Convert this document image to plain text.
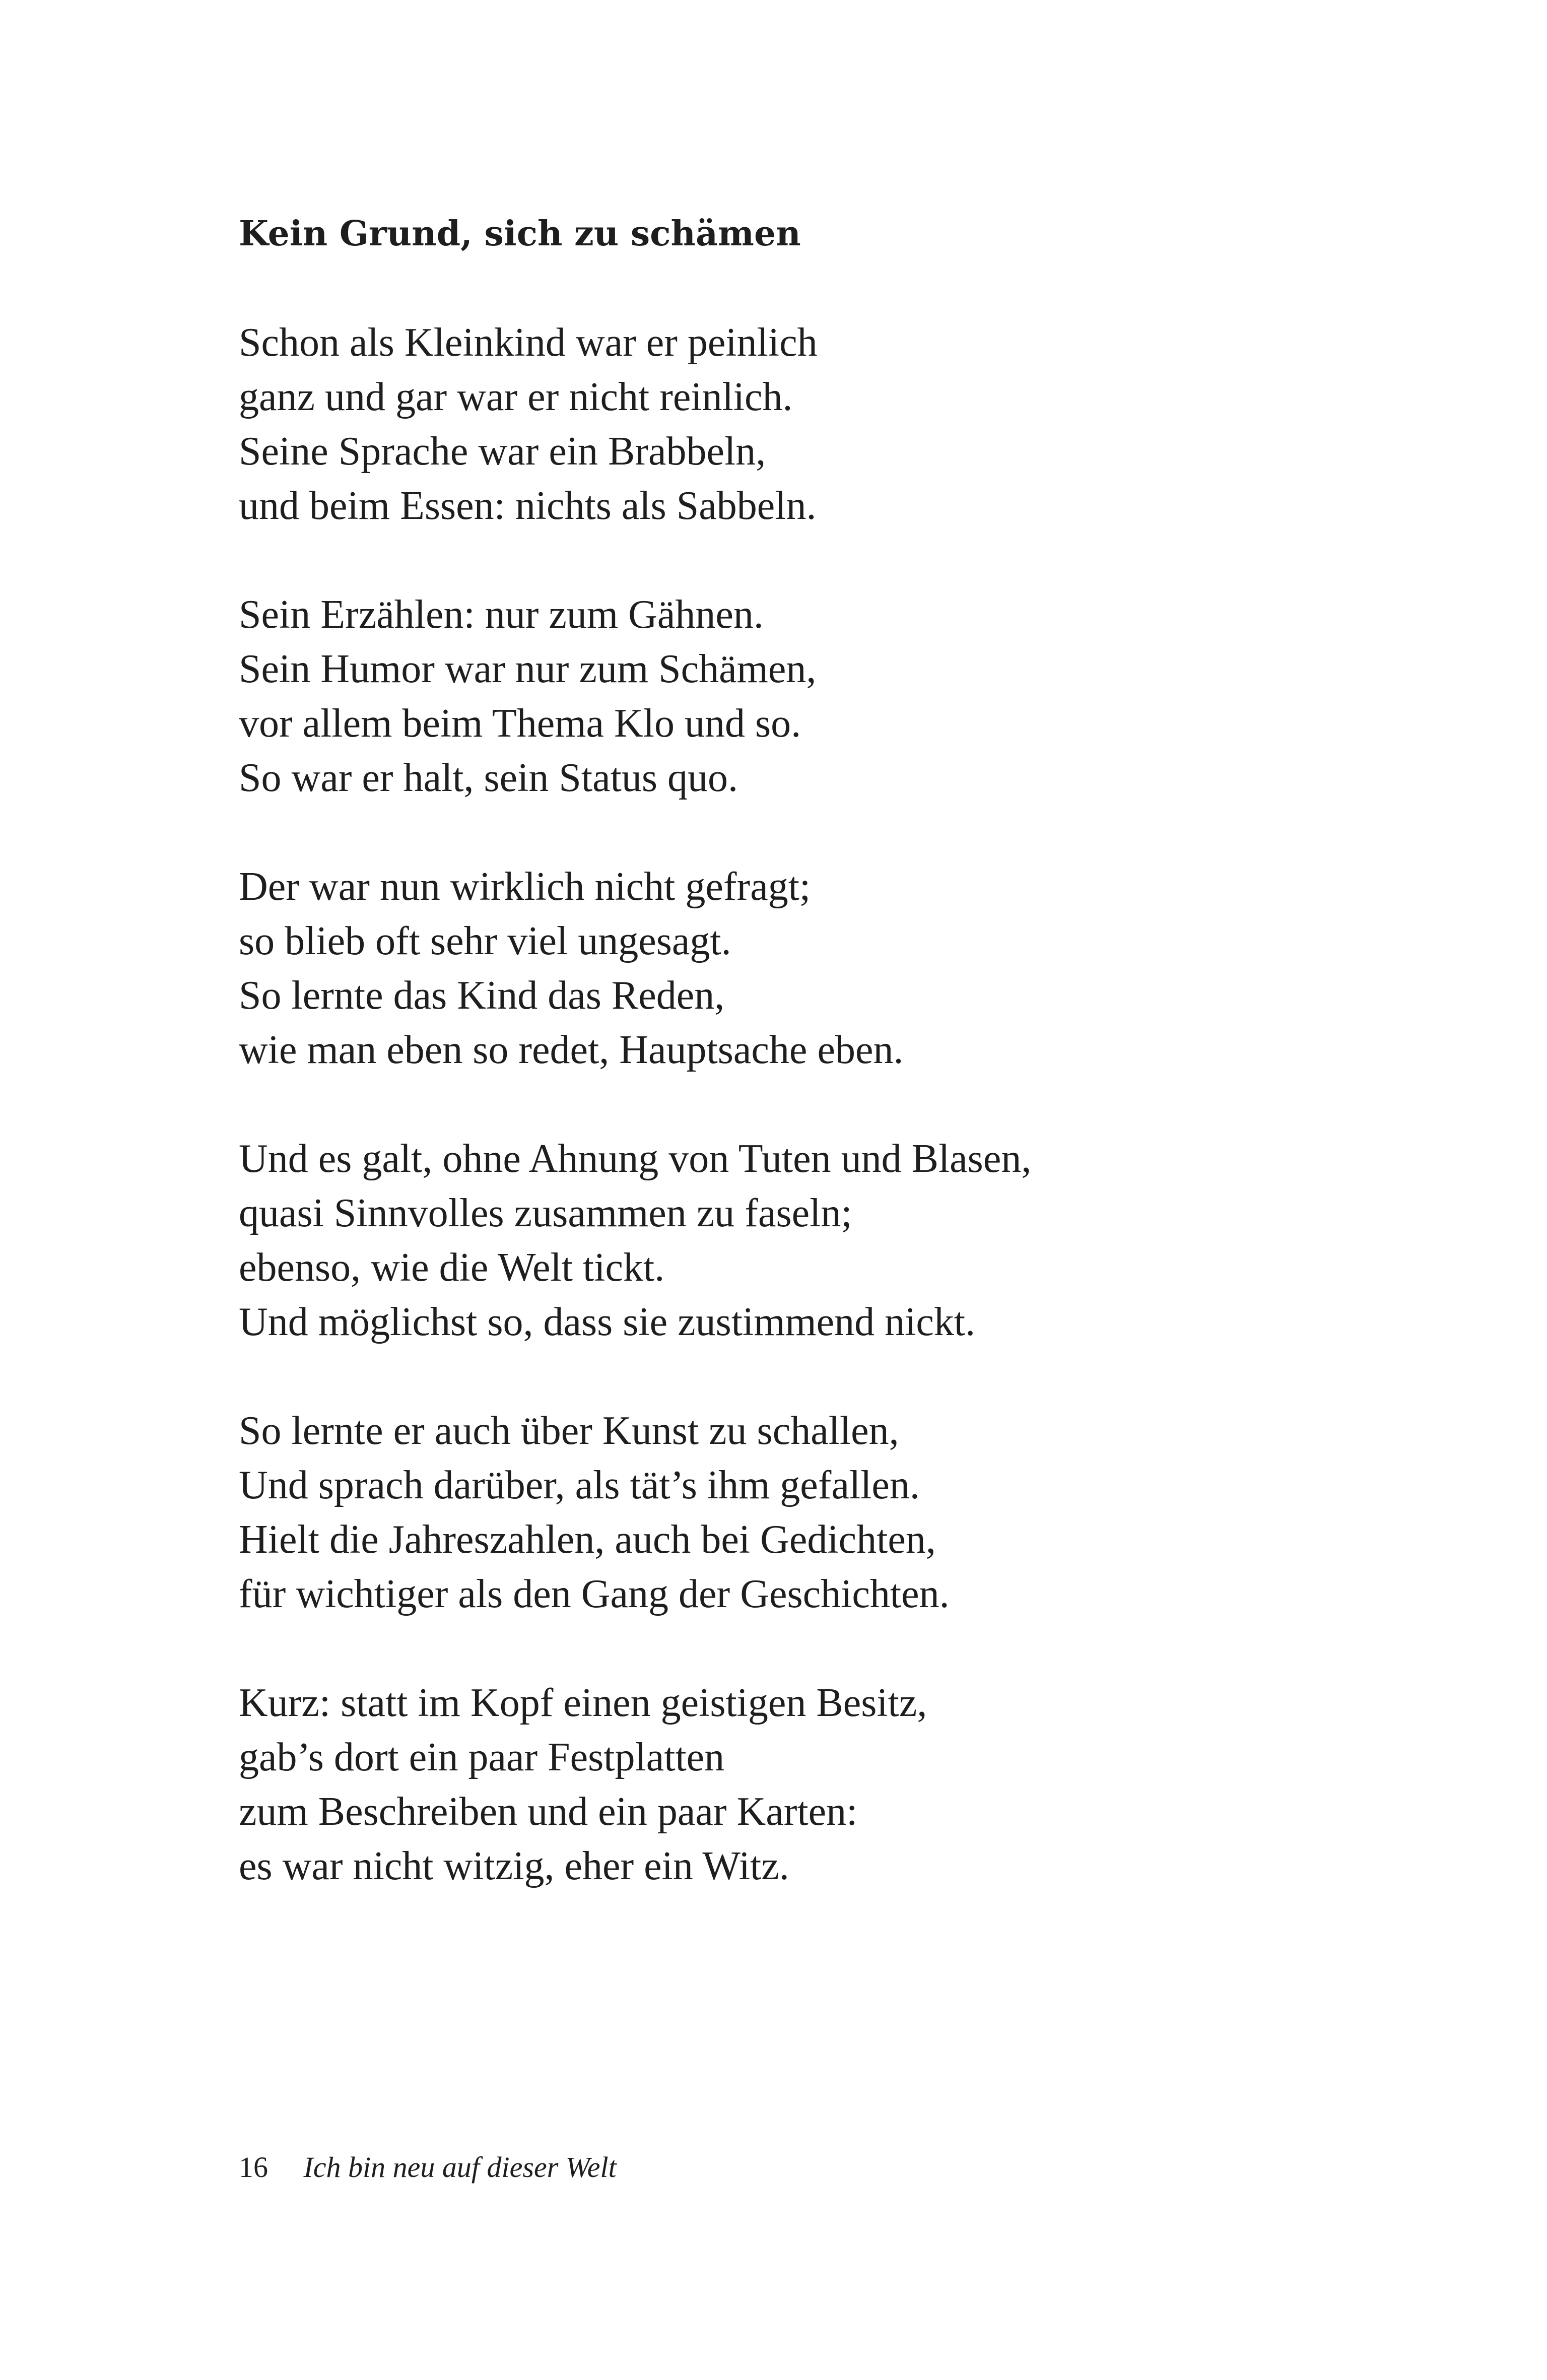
Kein Grund, sich zu schämen
Schon als Kleinkind war er peinlich
ganz und gar war er nicht reinlich.
Seine Sprache war ein Brabbeln,
und beim Essen: nichts als Sabbeln.
Sein Erzählen: nur zum Gähnen.
Sein Humor war nur zum Schämen,
vor allem beim Thema Klo und so.
So war er halt, sein Status quo.
Der war nun wirklich nicht gefragt;
so blieb oft sehr viel ungesagt.
So lernte das Kind das Reden,
wie man eben so redet, Hauptsache eben.
Und es galt, ohne Ahnung von Tuten und Blasen,
quasi Sinnvolles zusammen zu faseln;
ebenso, wie die Welt tickt.
Und möglichst so, dass sie zustimmend nickt.
So lernte er auch über Kunst zu schallen,
Und sprach darüber, als tät’s ihm gefallen.
Hielt die Jahreszahlen, auch bei Gedichten,
für wichtiger als den Gang der Geschichten.
Kurz: statt im Kopf einen geistigen Besitz,
gab’s dort ein paar Festplatten
zum Beschreiben und ein paar Karten:
es war nicht witzig, eher ein Witz.
16 Ich bin neu auf dieser Welt
